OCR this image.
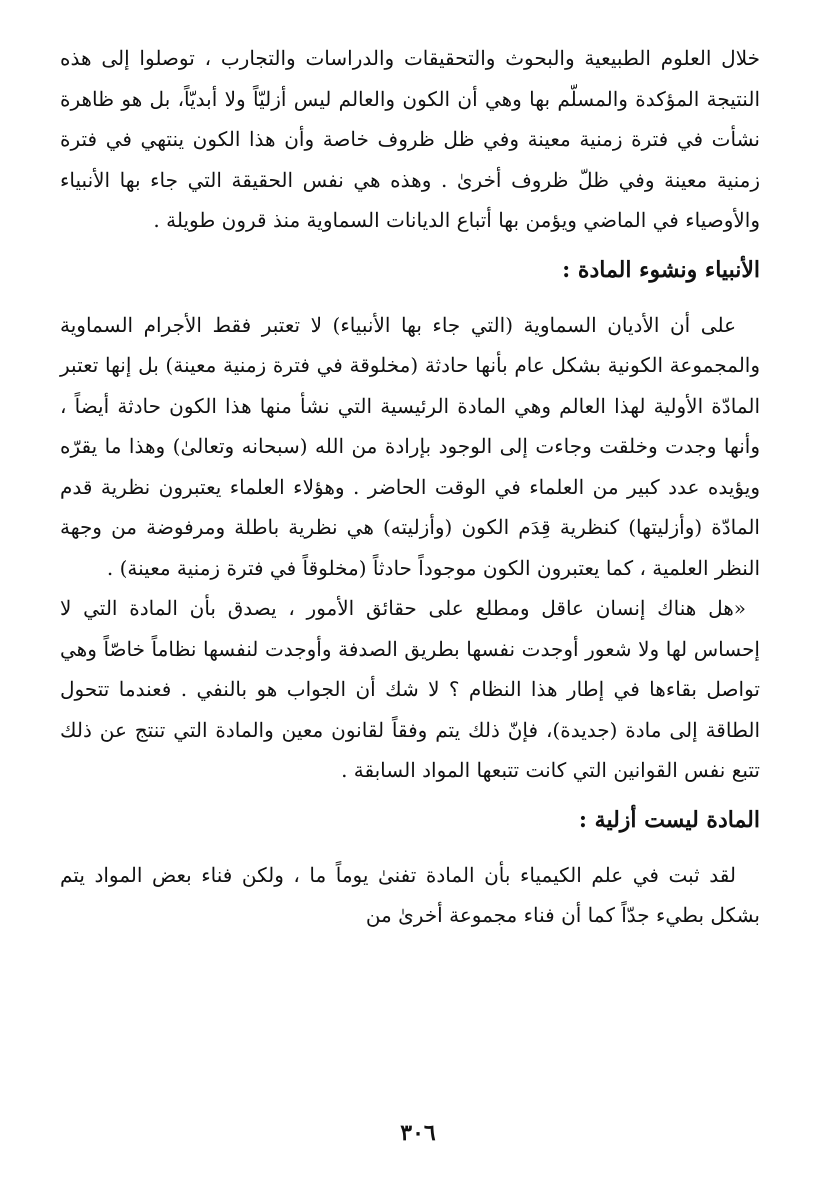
خلال العلوم الطبيعية والبحوث والتحقيقات والدراسات والتجارب ، توصلوا إلى هذه النتيجة المؤكدة والمسلّم بها وهي أن الكون والعالم ليس أزليّاً ولا أبديّاً، بل هو ظاهرة نشأت في فترة زمنية معينة وفي ظل ظروف خاصة وأن هذا الكون ينتهي في فترة زمنية معينة وفي ظلّ ظروف أخرىٰ . وهذه هي نفس الحقيقة التي جاء بها الأنبياء والأوصياء في الماضي ويؤمن بها أتباع الديانات السماوية منذ قرون طويلة .

الأنبياء ونشوء المادة :

على أن الأديان السماوية (التي جاء بها الأنبياء) لا تعتبر فقط الأجرام السماوية والمجموعة الكونية بشكل عام بأنها حادثة (مخلوقة في فترة زمنية معينة) بل إنها تعتبر المادّة الأولية لهذا العالم وهي المادة الرئيسية التي نشأ منها هذا الكون حادثة أيضاً ، وأنها وجدت وخلقت وجاءت إلى الوجود بإرادة من الله (سبحانه وتعالىٰ) وهذا ما يقرّه ويؤيده عدد كبير من العلماء في الوقت الحاضر . وهؤلاء العلماء يعتبرون نظرية قدم المادّة (وأزليتها) كنظرية قِدَم الكون (وأزليته) هي نظرية باطلة ومرفوضة من وجهة النظر العلمية ، كما يعتبرون الكون موجوداً حادثاً (مخلوقاً في فترة زمنية معينة) .

«هل هناك إنسان عاقل ومطلع على حقائق الأمور ، يصدق بأن المادة التي لا إحساس لها ولا شعور أوجدت نفسها بطريق الصدفة وأوجدت لنفسها نظاماً خاصّاً وهي تواصل بقاءها في إطار هذا النظام ؟ لا شك أن الجواب هو بالنفي . فعندما تتحول الطاقة إلى مادة (جديدة)، فإنّ ذلك يتم وفقاً لقانون معين والمادة التي تنتج عن ذلك تتبع نفس القوانين التي كانت تتبعها المواد السابقة .

المادة ليست أزلية :

لقد ثبت في علم الكيمياء بأن المادة تفنىٰ يوماً ما ، ولكن فناء بعض المواد يتم بشكل بطيء جدّاً كما أن فناء مجموعة أخرىٰ من

٣٠٦
